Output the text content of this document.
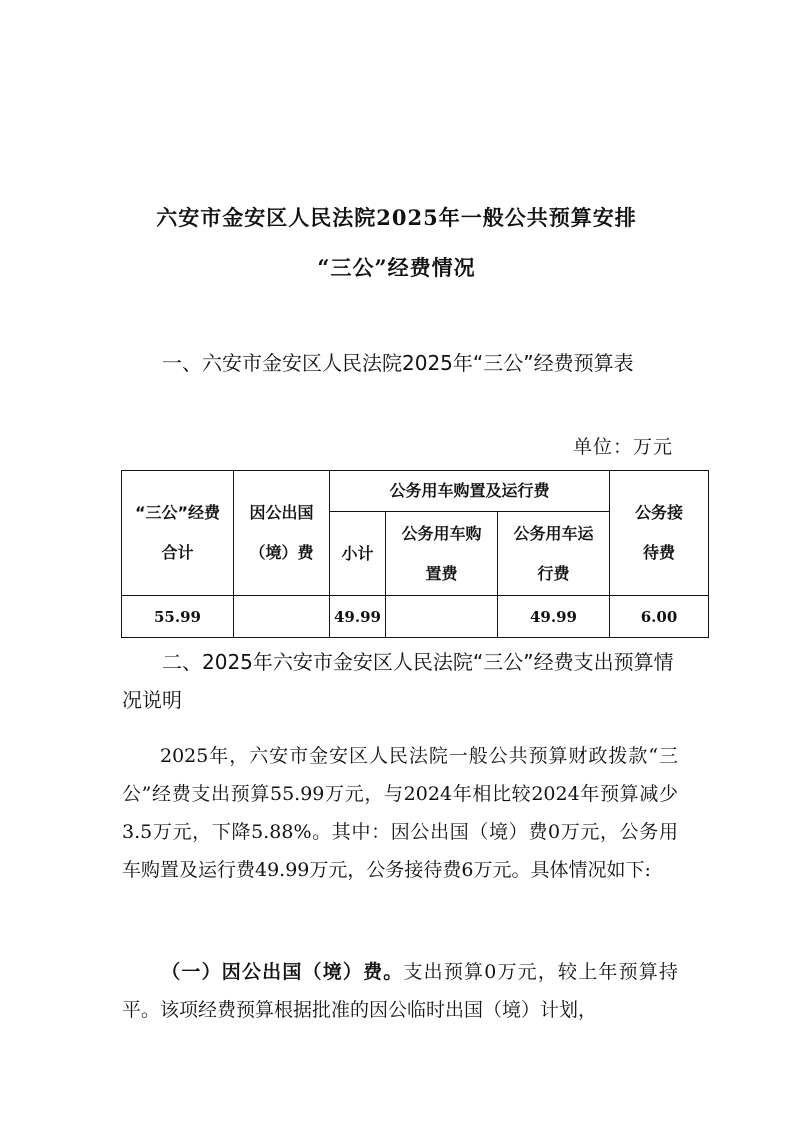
六安市金安区人民法院2025年一般公共预算安排
“三公”经费情况
一、六安市金安区人民法院2025年“三公”经费预算表
单位：万元
“三公”经费合计	因公出国（境）费	公务用车购置及运行费			公务接待费
		小计	公务用车购置费	公务用车运行费	
55.99		49.99		49.99	6.00
二、2025年六安市金安区人民法院“三公”经费支出预算情况说明
2025年，六安市金安区人民法院一般公共预算财政拨款“三公”经费支出预算55.99万元，与2024年相比较2024年预算减少3.5万元，下降5.88%。其中：因公出国（境）费0万元，公务用车购置及运行费49.99万元，公务接待费6万元。具体情况如下:
（一）因公出国（境）费。支出预算0万元，较上年预算持平。该项经费预算根据批准的因公临时出国（境）计划，
